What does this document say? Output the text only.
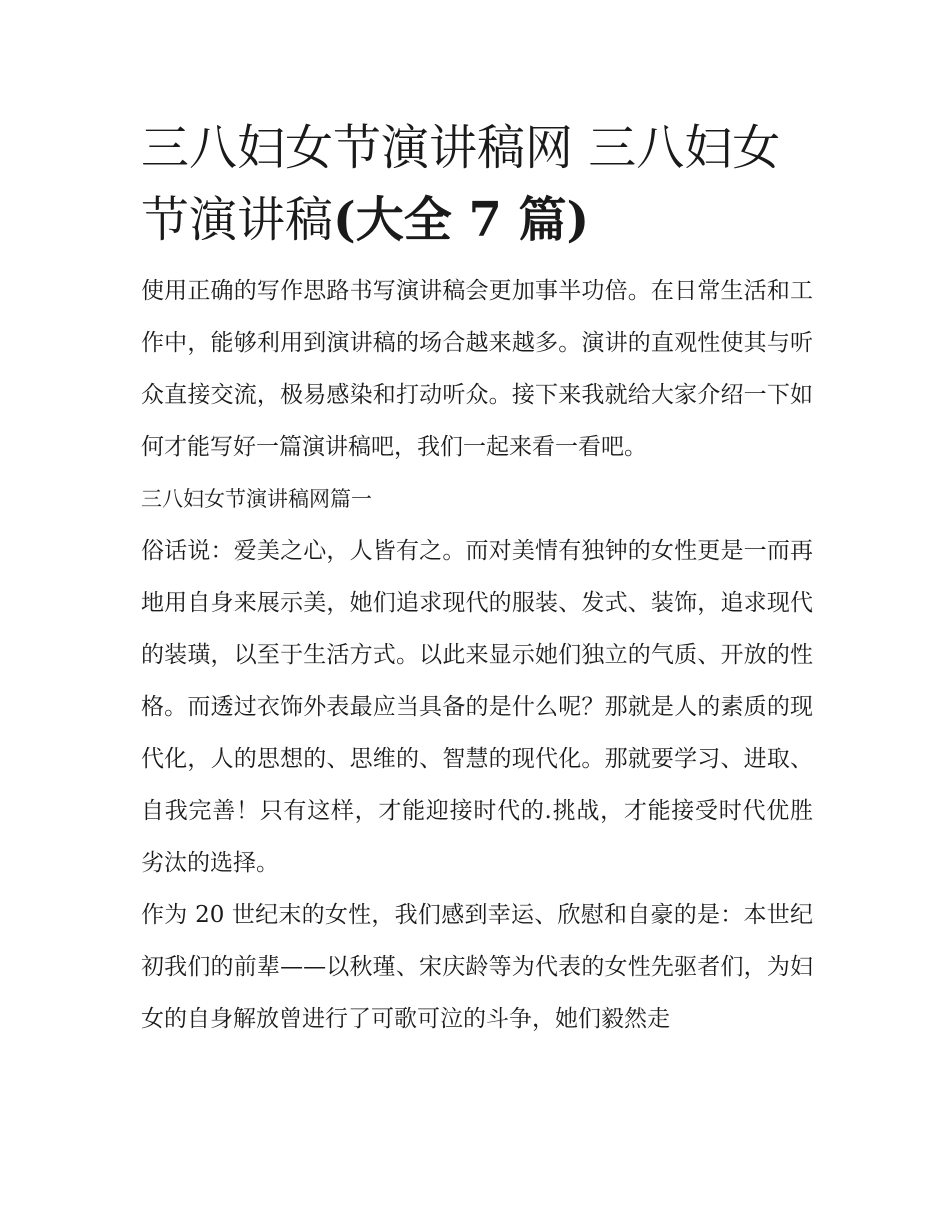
三八妇女节演讲稿网 三八妇女节演讲稿(大全 7 篇)

使用正确的写作思路书写演讲稿会更加事半功倍。在日常生活和工作中，能够利用到演讲稿的场合越来越多。演讲的直观性使其与听众直接交流，极易感染和打动听众。接下来我就给大家介绍一下如何才能写好一篇演讲稿吧，我们一起来看一看吧。

三八妇女节演讲稿网篇一

俗话说：爱美之心，人皆有之。而对美情有独钟的女性更是一而再地用自身来展示美，她们追求现代的服装、发式、装饰，追求现代的装璜，以至于生活方式。以此来显示她们独立的气质、开放的性格。而透过衣饰外表最应当具备的是什么呢？那就是人的素质的现代化，人的思想的、思维的、智慧的现代化。那就要学习、进取、自我完善！只有这样，才能迎接时代的.挑战，才能接受时代优胜劣汰的选择。

作为 20 世纪末的女性，我们感到幸运、欣慰和自豪的是：本世纪初我们的前辈——以秋瑾、宋庆龄等为代表的女性先驱者们，为妇女的自身解放曾进行了可歌可泣的斗争，她们毅然走
